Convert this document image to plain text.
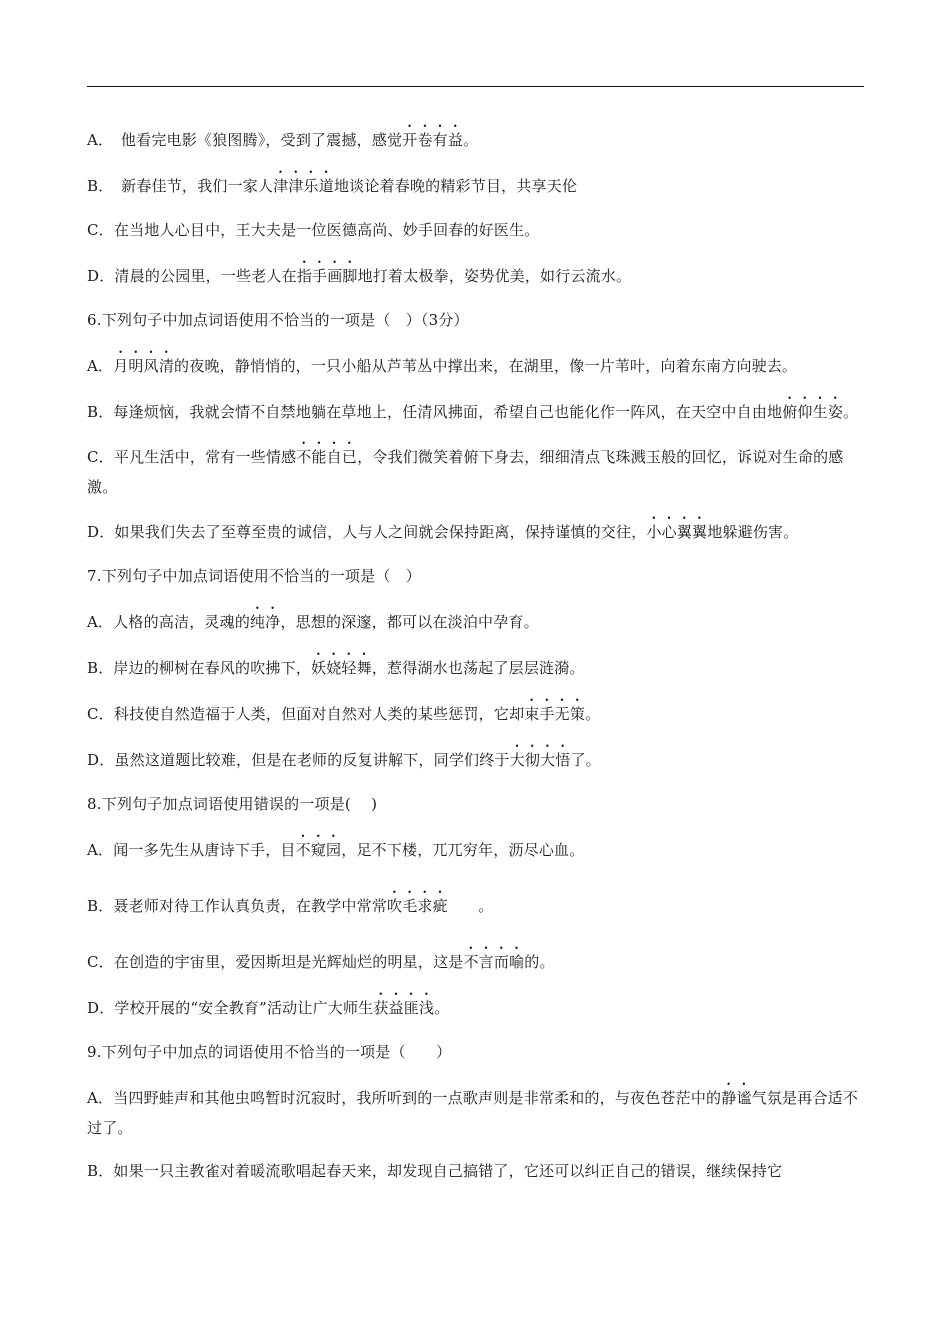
A．　他看完电影《狼图腾》，受到了震撼，感觉开卷有益。
B．　新春佳节，我们一家人津津乐道地谈论着春晚的精彩节目，共享天伦
C．在当地人心目中，王大夫是一位医德高尚、妙手回春的好医生。
D．清晨的公园里，一些老人在指手画脚地打着太极拳，姿势优美，如行云流水。
6.下列句子中加点词语使用不恰当的一项是（　）（3分）
A．月明风清的夜晚，静悄悄的，一只小船从芦苇丛中撑出来，在湖里，像一片苇叶，向着东南方向驶去。
B．每逢烦恼，我就会情不自禁地躺在草地上，任清风拂面，希望自己也能化作一阵风，在天空中自由地俯仰生姿。
C．平凡生活中，常有一些情感不能自已，令我们微笑着俯下身去，细细清点飞珠溅玉般的回忆，诉说对生命的感激。
D．如果我们失去了至尊至贵的诚信，人与人之间就会保持距离，保持谨慎的交往，小心翼翼地躲避伤害。
7.下列句子中加点词语使用不恰当的一项是（　）
A．人格的高洁，灵魂的纯净，思想的深邃，都可以在淡泊中孕育。
B．岸边的柳树在春风的吹拂下，妖娆轻舞，惹得湖水也荡起了层层涟漪。
C．科技使自然造福于人类，但面对自然对人类的某些惩罚，它却束手无策。
D．虽然这道题比较难，但是在老师的反复讲解下，同学们终于大彻大悟了。
8.下列句子加点词语使用错误的一项是(　 )
A．闻一多先生从唐诗下手，目不窥园，足不下楼，兀兀穷年，沥尽心血。
B．聂老师对待工作认真负责，在教学中常常吹毛求疵　　。
C．在创造的宇宙里，爱因斯坦是光辉灿烂的明星，这是不言而喻的。
D．学校开展的“安全教育”活动让广大师生获益匪浅。
9.下列句子中加点的词语使用不恰当的一项是（　　）
A．当四野蛙声和其他虫鸣暂时沉寂时，我所听到的一点歌声则是非常柔和的，与夜色苍茫中的静谧气氛是再合适不过了。
B．如果一只主教雀对着暖流歌唱起春天来，却发现自己搞错了，它还可以纠正自己的错误，继续保持它
